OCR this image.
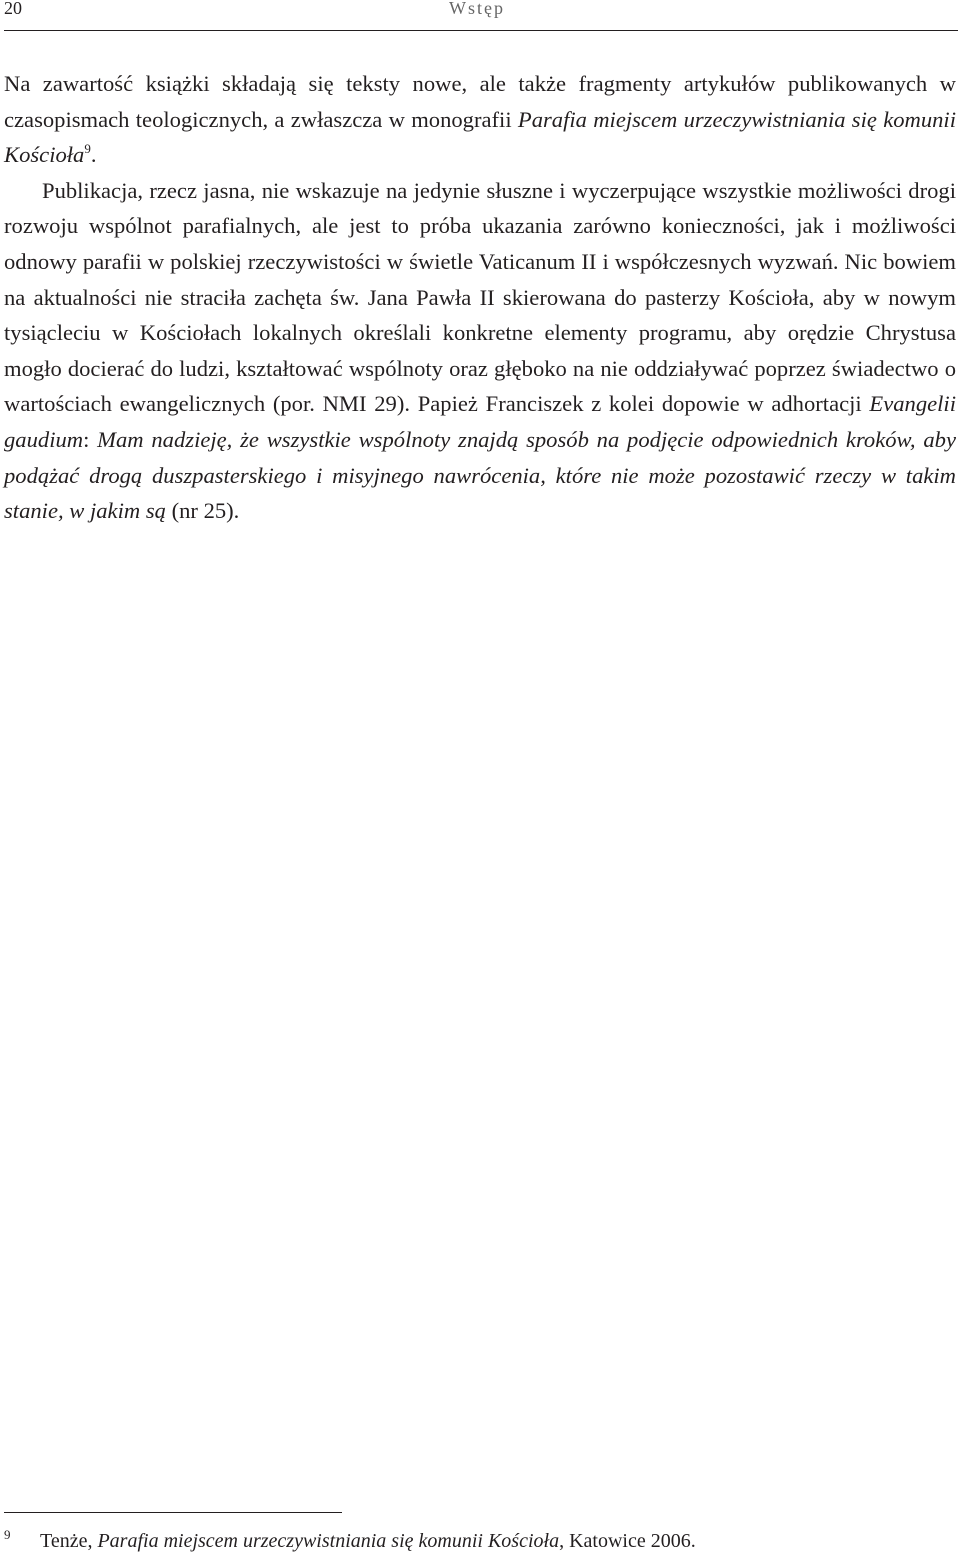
20	Wstęp

Na zawartość książki składają się teksty nowe, ale także fragmenty artykułów publikowanych w czasopismach teologicznych, a zwłaszcza w monografii Parafia miejscem urzeczywistniania się komunii Kościoła$^9$.

Publikacja, rzecz jasna, nie wskazuje na jedynie słuszne i wyczerpujące wszystkie możliwości drogi rozwoju wspólnot parafialnych, ale jest to próba ukazania zarówno konieczności, jak i możliwości odnowy parafii w polskiej rzeczywistości w świetle Vaticanum II i współczesnych wyzwań. Nic bowiem na aktualności nie straciła zachęta św. Jana Pawła II skierowana do pasterzy Kościoła, aby w nowym tysiącleciu w Kościołach lokalnych określali konkretne elementy programu, aby orędzie Chrystusa mogło docierać do ludzi, kształtować wspólnoty oraz głęboko na nie oddziaływać poprzez świadectwo o wartościach ewangelicznych (por. NMI 29). Papież Franciszek z kolei dopowie w adhortacji Evangelii gaudium: Mam nadzieję, że wszystkie wspólnoty znajdą sposób na podjęcie odpowiednich kroków, aby podążać drogą duszpasterskiego i misyjnego nawrócenia, które nie może pozostawić rzeczy w takim stanie, w jakim są (nr 25).

9 Tenże, Parafia miejscem urzeczywistniania się komunii Kościoła, Katowice 2006.
